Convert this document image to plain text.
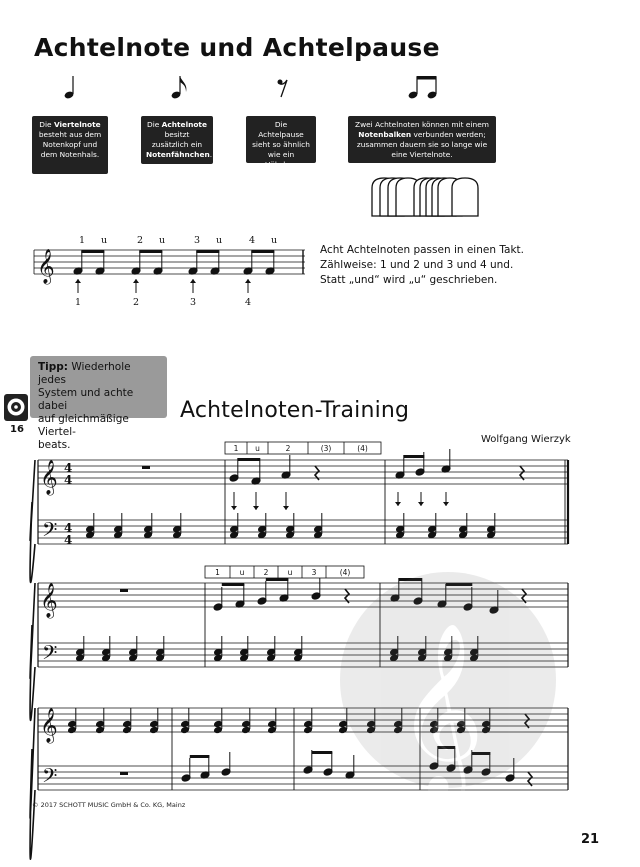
Achtelnote und Achtelpause
𝄞
1 u	2 u	3 u	4 u
1	2	3	4
𝄞
𝄢
4
4
4
4
1 u	2	(3)	(4)
𝄞
𝄢
1	u	2	u	3	(4)
𝄞
𝄢 𝄞
Die Viertelnote
besteht aus dem
Notenkopf und
dem Notenhals.
Die Achtelnote
besitzt
zusätzlich ein
Notenfähnchen.
Die Achtelpause
sieht so ähnlich
wie ein Häkchen
aus.
Zwei Achtelnoten können mit einem
Notenbalken verbunden werden;
zusammen dauern sie so lange wie
eine Viertelnote.
Acht Achtelnoten passen in einen Takt.
Zählweise: 1 und 2 und 3 und 4 und.
Statt „und“ wird „u“ geschrieben.
Tipp: Wiederhole jedes
System und achte dabei
auf gleichmäßige Viertel-
beats.
16
Achtelnoten-Training
Wolfgang Wierzyk
© 2017 SCHOTT MUSIC GmbH & Co. KG, Mainz
21
